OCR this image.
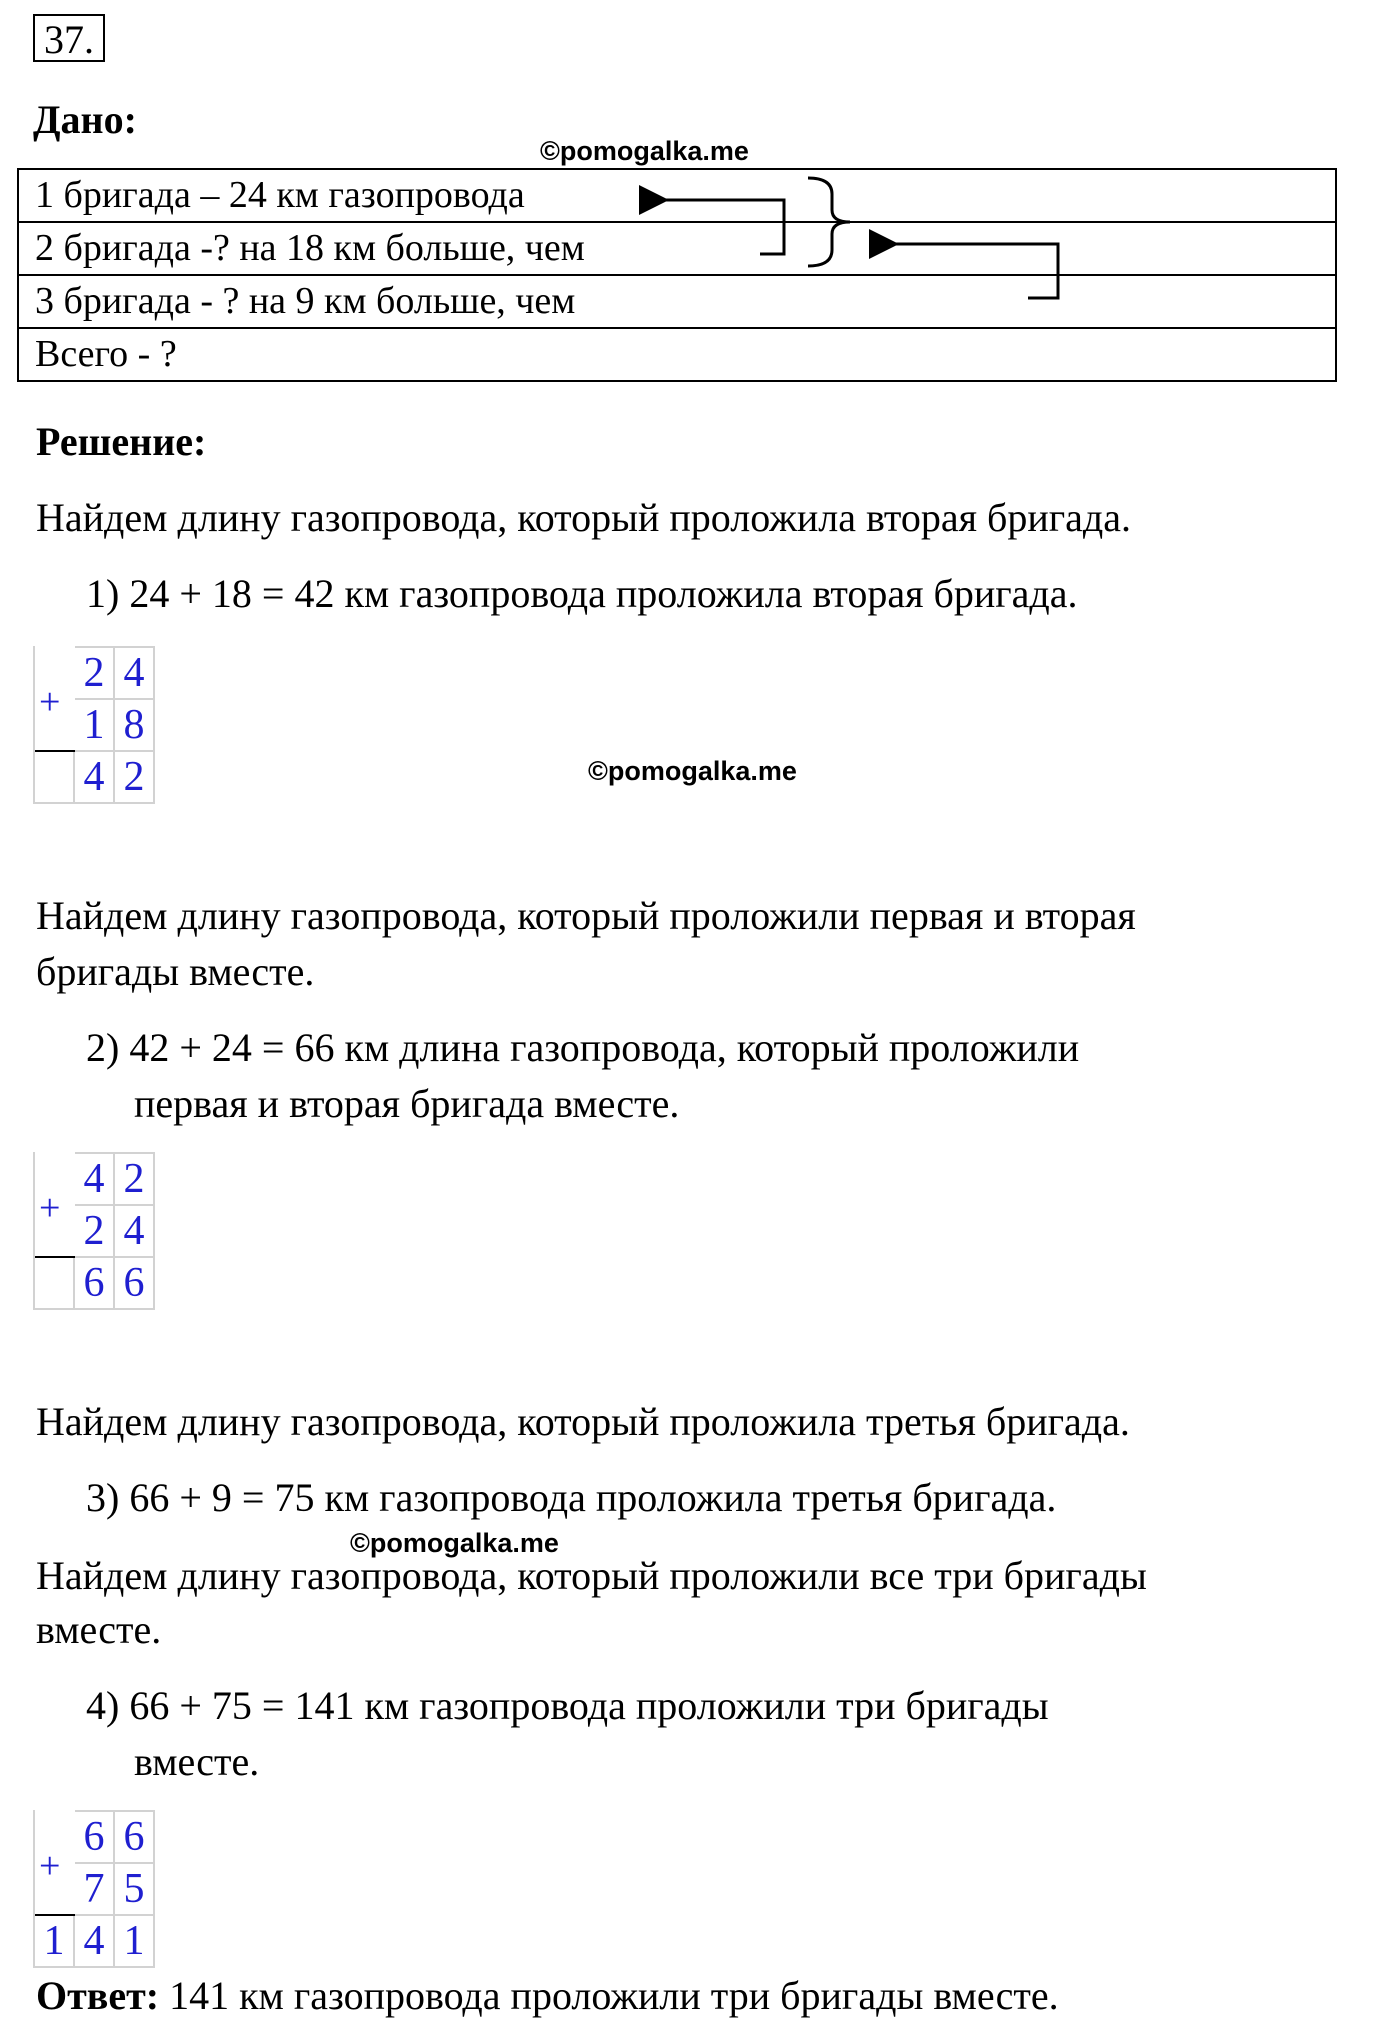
37.
Дано:
©pomogalka.me
1 бригада – 24 км газопровода
2 бригада -? на 18 км больше, чем
3 бригада - ? на 9 км больше, чем
Всего - ?
Решение:
Найдем длину газопровода, который проложила вторая бригада.
1) 24 + 18 = 42 км газопровода проложила вторая бригада.
	2	4
	1	8
	4	2
+
©pomogalka.me
Найдем длину газопровода, который проложили первая и вторая
бригады вместе.
2) 42 + 24 = 66 км длина газопровода, который проложили
первая и вторая бригада вместе.
	4	2
	2	4
	6	6
+
Найдем длину газопровода, который проложила третья бригада.
3) 66 + 9 = 75 км газопровода проложила третья бригада.
©pomogalka.me
Найдем длину газопровода, который проложили все три бригады
вместе.
4) 66 + 75 = 141 км газопровода проложили три бригады
вместе.
	6	6
	7	5
1	4	1
+
Ответ: 141 км газопровода проложили три бригады вместе.
